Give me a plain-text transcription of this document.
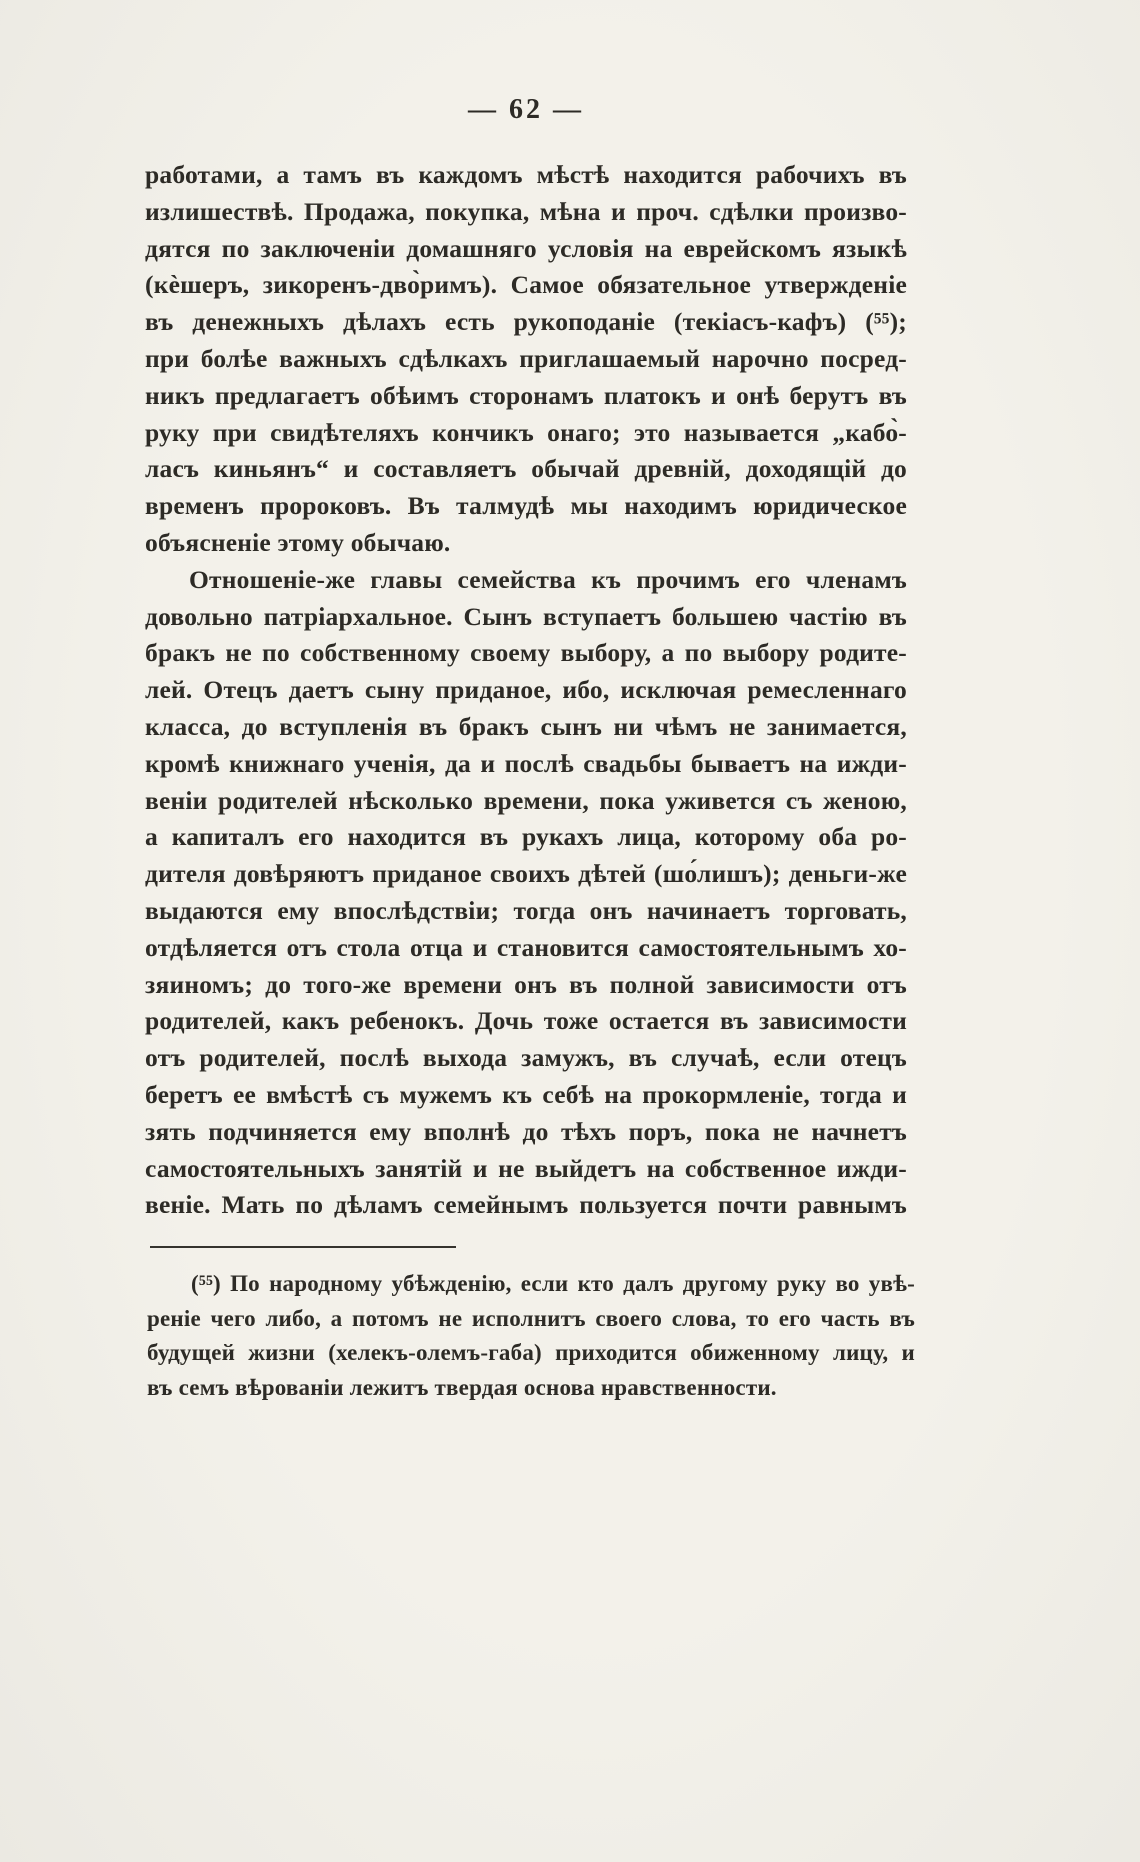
— 62 —
работами, а тамъ въ каждомъ мѣстѣ находится рабочихъ въ
излишествѣ. Продажа, покупка, мѣна и проч. сдѣлки произво-
дятся по заключеніи домашняго условія на еврейскомъ языкѣ
(кѐшеръ, зикоренъ-дво̀римъ). Самое обязательное утвержденіе
въ денежныхъ дѣлахъ есть рукоподаніе (текіасъ-кафъ) (⁵⁵);
при болѣе важныхъ сдѣлкахъ приглашаемый нарочно посред-
никъ предлагаетъ обѣимъ сторонамъ платокъ и онѣ берутъ въ
руку при свидѣтеляхъ кончикъ онаго; это называется „кабо̀-
ласъ киньянъ“ и составляетъ обычай древній, доходящій до
временъ пророковъ. Въ талмудѣ мы находимъ юридическое
объясненіе этому обычаю.
Отношеніе-же главы семейства къ прочимъ его членамъ
довольно патріархальное. Сынъ вступаетъ большею частію въ
бракъ не по собственному своему выбору, а по выбору родите-
лей. Отецъ даетъ сыну приданое, ибо, исключая ремесленнаго
класса, до вступленія въ бракъ сынъ ни чѣмъ не занимается,
кромѣ книжнаго ученія, да и послѣ свадьбы бываетъ на ижди-
веніи родителей нѣсколько времени, пока уживется съ женою,
а капиталъ его находится въ рукахъ лица, которому оба ро-
дителя довѣряютъ приданое своихъ дѣтей (шо́лишъ); деньги-же
выдаются ему впослѣдствіи; тогда онъ начинаетъ торговать,
отдѣляется отъ стола отца и становится самостоятельнымъ хо-
зяиномъ; до того-же времени онъ въ полной зависимости отъ
родителей, какъ ребенокъ. Дочь тоже остается въ зависимости
отъ родителей, послѣ выхода замужъ, въ случаѣ, если отецъ
беретъ ее вмѣстѣ съ мужемъ къ себѣ на прокормленіе, тогда и
зять подчиняется ему вполнѣ до тѣхъ поръ, пока не начнетъ
самостоятельныхъ занятій и не выйдетъ на собственное ижди-
веніе. Мать по дѣламъ семейнымъ пользуется почти равнымъ
(⁵⁵) По народному убѣжденію, если кто далъ другому руку во увѣ-
реніе чего либо, а потомъ не исполнитъ своего слова, то его часть въ
будущей жизни (хелекъ-олемъ-габа) приходится обиженному лицу, и
въ семъ вѣрованіи лежитъ твердая основа нравственности.
